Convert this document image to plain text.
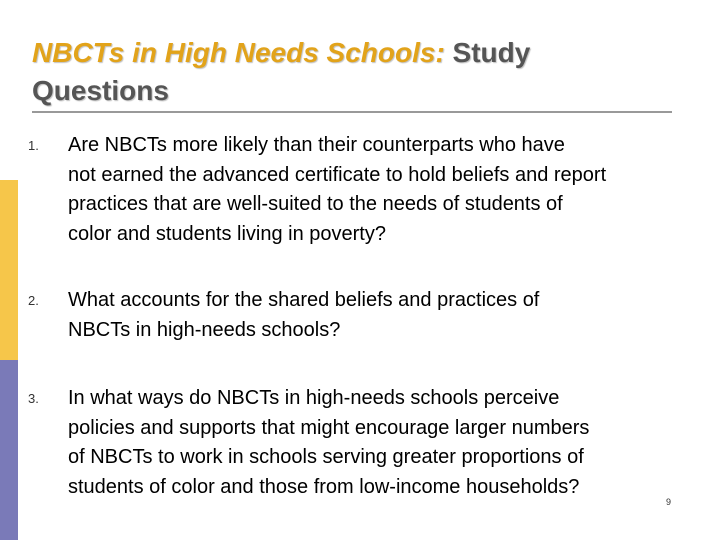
NBCTs in High Needs Schools: Study
Questions
1. Are NBCTs more likely than their counterparts who have
not earned the advanced certificate to hold beliefs and report
practices that are well-suited to the needs of students of
color and students living in poverty?
2. What accounts for the shared beliefs and practices of
NBCTs in high-needs schools?
3. In what ways do NBCTs in high-needs schools perceive
policies and supports that might encourage larger numbers
of NBCTs to work in schools serving greater proportions of
students of color and those from low-income households?
9
